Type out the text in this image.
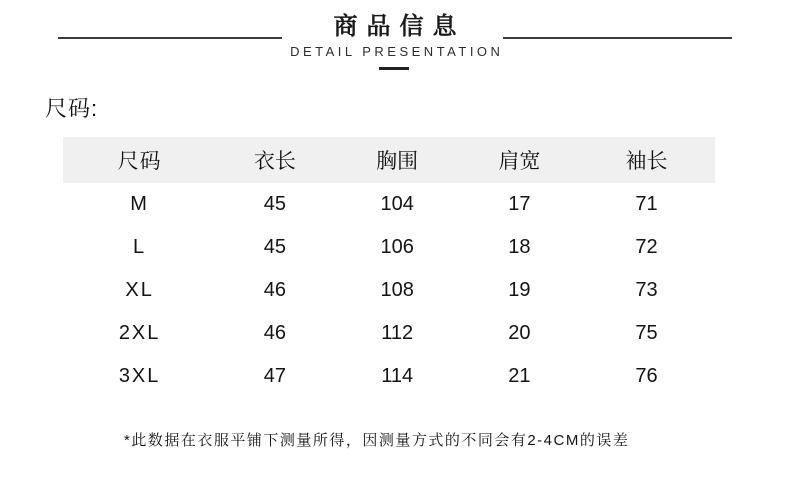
商品信息
DETAIL PRESENTATION
尺码:
尺码	衣长	胸围	肩宽	袖长
M	45	104	17	71
L	45	106	18	72
XL	46	108	19	73
2XL	46	112	20	75
3XL	47	114	21	76
*此数据在衣服平铺下测量所得，因测量方式的不同会有2-4CM的误差
